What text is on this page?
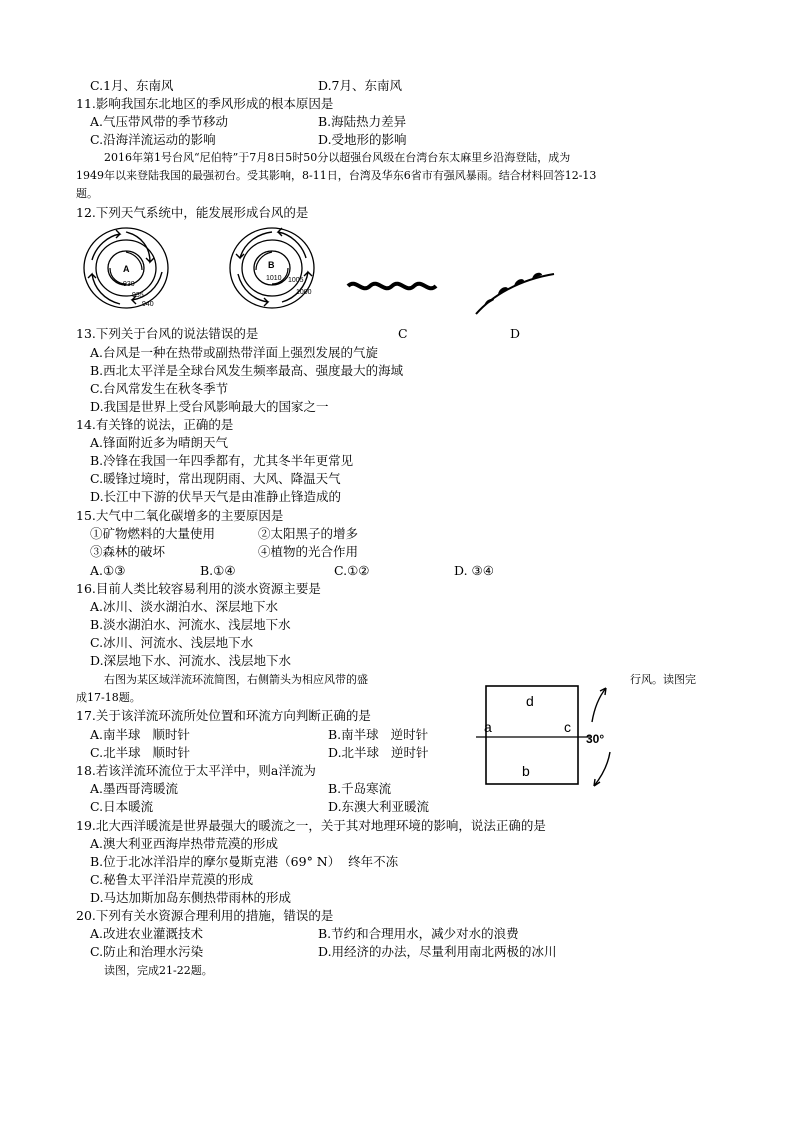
C.1月、东南风	D.7月、东南风
11.影响我国东北地区的季风形成的根本原因是
A.气压带风带的季节移动	B.海陆热力差异
C.沿海洋流运动的影响	D.受地形的影响
2016年第1号台风“尼伯特”于7月8日5时50分以超强台风级在台湾台东太麻里乡沿海登陆，成为
1949年以来登陆我国的最强初台。受其影响，8-11日，台湾及华东6省市有强风暴雨。结合材料回答12-13
题。
12.下列天气系统中，能发展形成台风的是
A
930
935
940
B
1010 1005
1000
13.下列关于台风的说法错误的是	C	D
A.台风是一种在热带或副热带洋面上强烈发展的气旋
B.西北太平洋是全球台风发生频率最高、强度最大的海域
C.台风常发生在秋冬季节
D.我国是世界上受台风影响最大的国家之一
14.有关锋的说法，正确的是
A.锋面附近多为晴朗天气
B.冷锋在我国一年四季都有，尤其冬半年更常见
C.暖锋过境时，常出现阴雨、大风、降温天气
D.长江中下游的伏旱天气是由准静止锋造成的
15.大气中二氧化碳增多的主要原因是
①矿物燃料的大量使用	②太阳黑子的增多
③森林的破坏	④植物的光合作用
A.①③	B.①④	C.①②	D. ③④
16.目前人类比较容易利用的淡水资源主要是
A.冰川、淡水湖泊水、深层地下水
B.淡水湖泊水、河流水、浅层地下水
C.冰川、河流水、浅层地下水
D.深层地下水、河流水、浅层地下水
右图为某区域洋流环流简图，右侧箭头为相应风带的盛	行风。读图完
成17-18题。	d
a	c
b
30°
17.关于该洋流环流所处位置和环流方向判断正确的是
A.南半球   顺时针	B.南半球   逆时针
C.北半球   顺时针	D.北半球   逆时针
18.若该洋流环流位于太平洋中，则a洋流为
A.墨西哥湾暖流	B.千岛寒流
C.日本暖流	D.东澳大利亚暖流
19.北大西洋暖流是世界最强大的暖流之一，关于其对地理环境的影响，说法正确的是
A.澳大利亚西海岸热带荒漠的形成
B.位于北冰洋沿岸的摩尔曼斯克港（69° N）  终年不冻
C.秘鲁太平洋沿岸荒漠的形成
D.马达加斯加岛东侧热带雨林的形成
20.下列有关水资源合理利用的措施，错误的是
A.改进农业灌溉技术	B.节约和合理用水，减少对水的浪费
C.防止和治理水污染	D.用经济的办法，尽量利用南北两极的冰川
读图，完成21-22题。
